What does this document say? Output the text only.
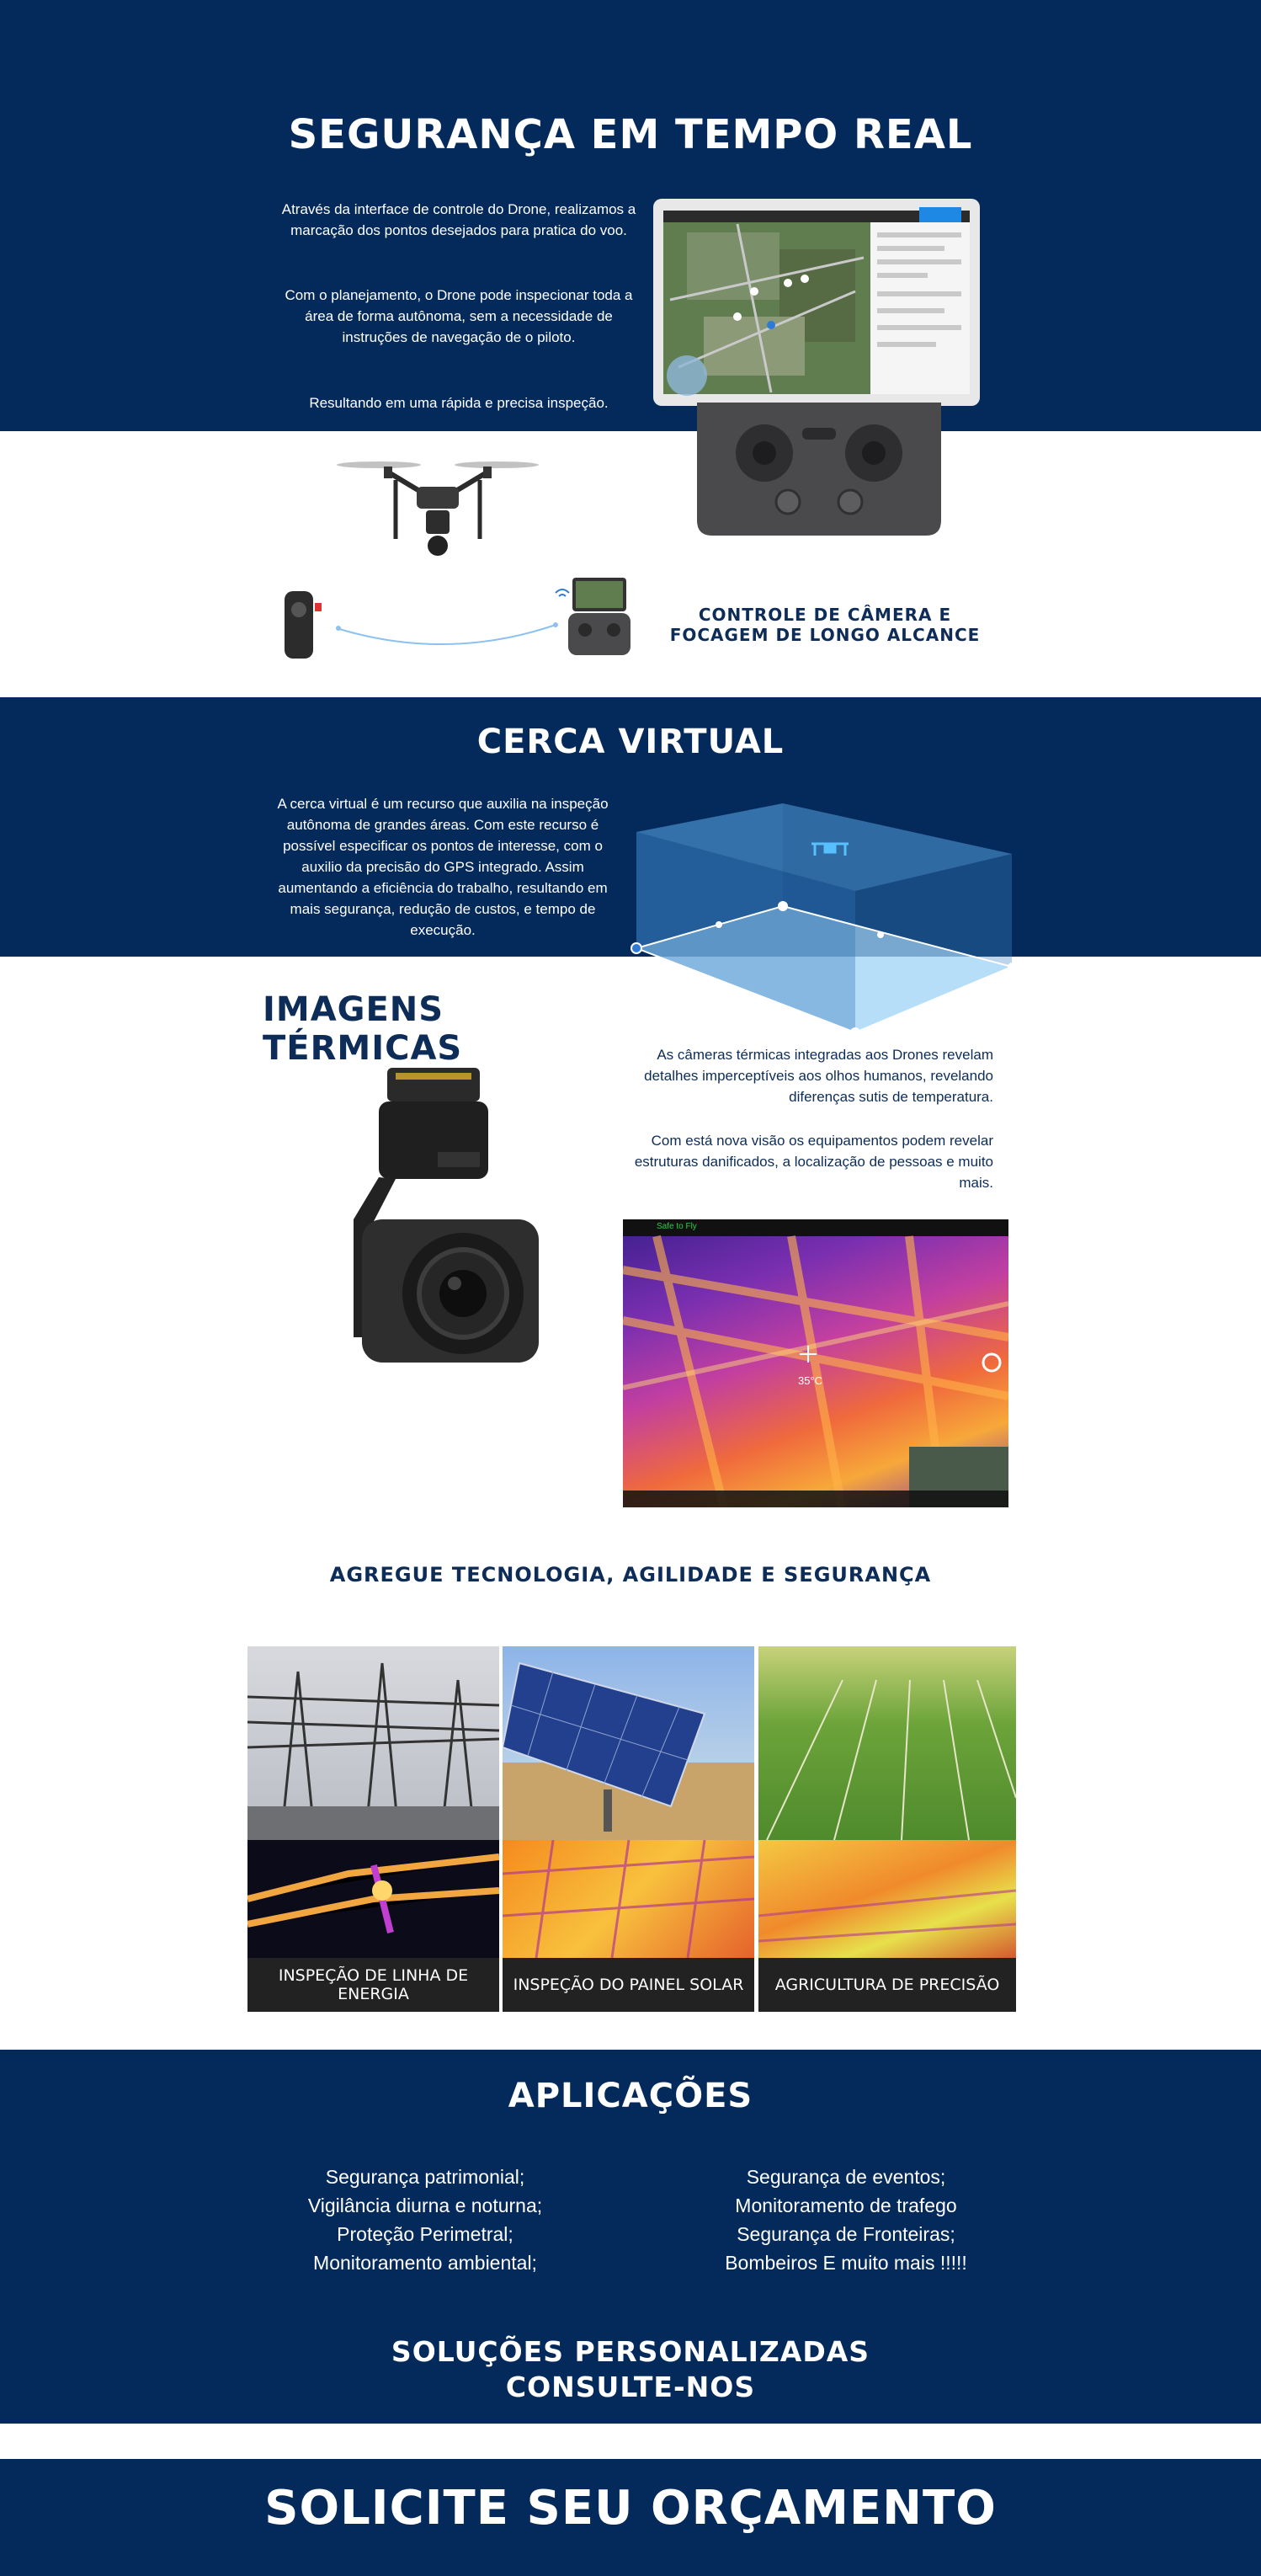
SEGURANÇA EM TEMPO REAL
Através da interface de controle do Drone, realizamos a marcação dos pontos desejados para pratica do voo.
Com o planejamento, o Drone pode inspecionar toda a área de forma autônoma, sem a necessidade de instruções de navegação de o piloto.
Resultando em uma rápida e precisa inspeção.
CONTROLE DE CÂMERA E
FOCAGEM DE LONGO ALCANCE
CERCA VIRTUAL
A cerca virtual é um recurso que auxilia na inspeção autônoma de grandes áreas. Com este recurso é possível especificar os pontos de interesse, com o auxilio da precisão do GPS integrado. Assim aumentando a eficiência do trabalho, resultando em mais segurança, redução de custos, e tempo de execução.
IMAGENS TÉRMICAS	As câmeras térmicas integradas aos Drones revelam detalhes imperceptíveis aos olhos humanos, revelando diferenças sutis de temperatura.
Com está nova visão os equipamentos podem revelar estruturas danificados, a localização de pessoas e muito mais.
Safe to Fly
35°C
AGREGUE TECNOLOGIA, AGILIDADE E SEGURANÇA
INSPEÇÃO DE LINHA DE ENERGIA	INSPEÇÃO DO PAINEL SOLAR	AGRICULTURA DE PRECISÃO
APLICAÇÕES
Segurança patrimonial;
Vigilância diurna e noturna;
Proteção Perimetral;
Monitoramento ambiental;
Segurança de eventos;
Monitoramento de trafego
Segurança de Fronteiras;
Bombeiros E muito mais !!!!!
SOLUÇÕES PERSONALIZADAS
CONSULTE-NOS
SOLICITE SEU ORÇAMENTO
